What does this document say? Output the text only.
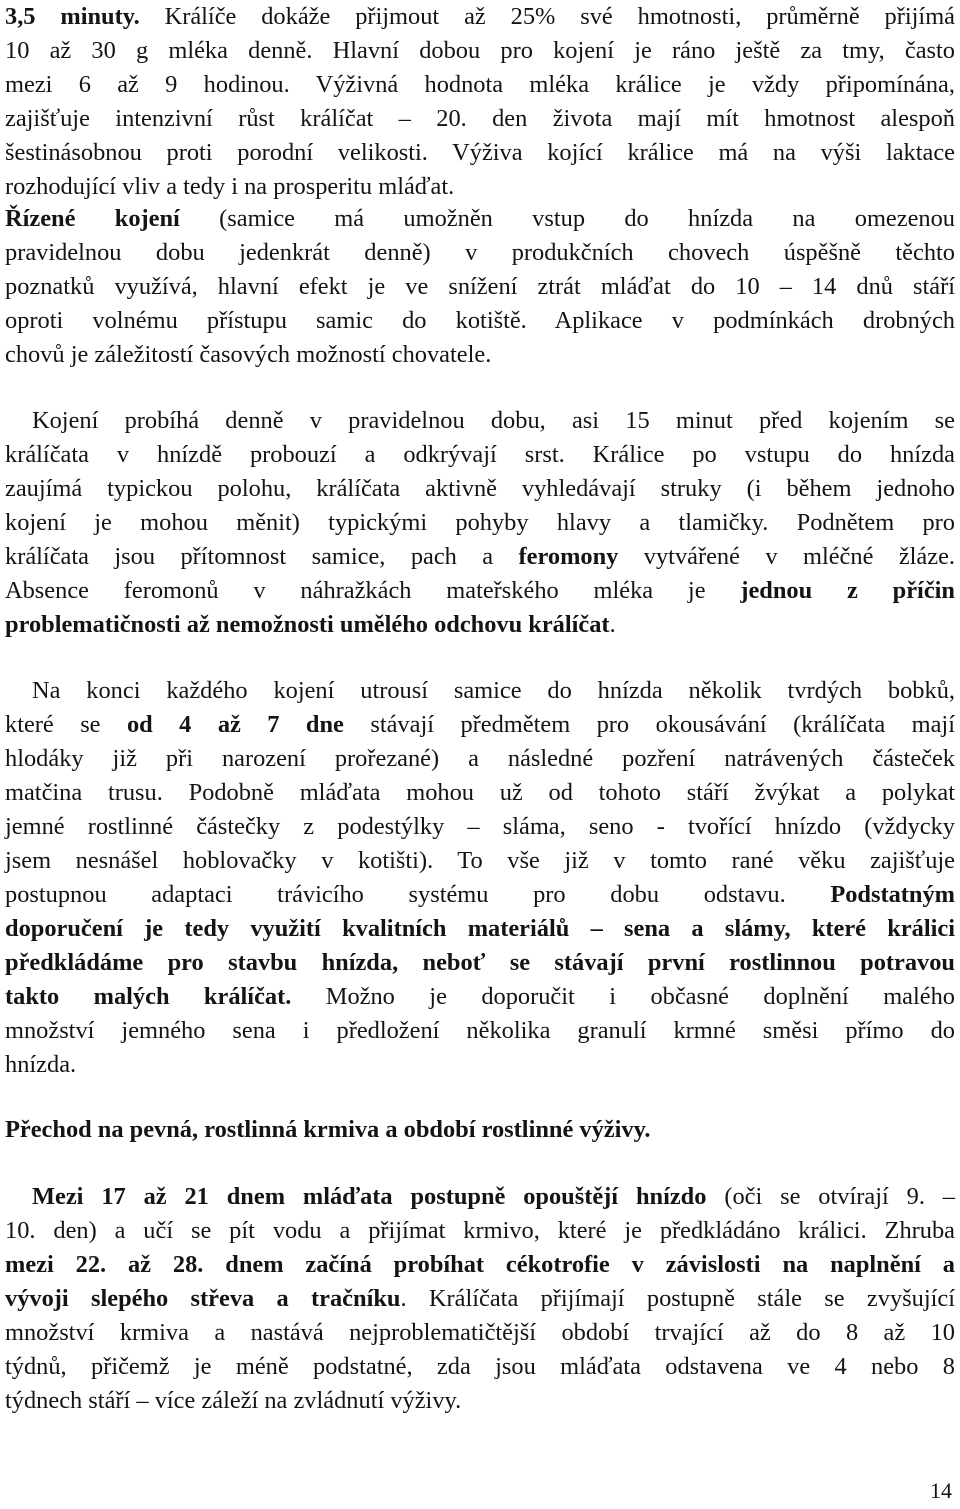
3,5 minuty. Králíče dokáže přijmout až 25% své hmotnosti, průměrně přijímá
10 až 30 g mléka denně. Hlavní dobou pro kojení je ráno ještě za tmy, často
mezi 6 až 9 hodinou. Výživná hodnota mléka králice je vždy připomínána,
zajišťuje intenzivní růst králíčat – 20. den života mají mít hmotnost alespoň
šestinásobnou proti porodní velikosti. Výživa kojící králice má na výši laktace
rozhodující vliv a tedy i na prosperitu mláďat.
Řízené kojení (samice má umožněn vstup do hnízda na omezenou
pravidelnou dobu jedenkrát denně) v produkčních chovech úspěšně těchto
poznatků využívá, hlavní efekt je ve snížení ztrát mláďat do 10 – 14 dnů stáří
oproti volnému přístupu samic do kotiště. Aplikace v podmínkách drobných
chovů je záležitostí časových možností chovatele.
Kojení probíhá denně v pravidelnou dobu, asi 15 minut před kojením se
králíčata v hnízdě probouzí a odkrývají srst. Králice po vstupu do hnízda
zaujímá typickou polohu, králíčata aktivně vyhledávají struky (i během jednoho
kojení je mohou měnit) typickými pohyby hlavy a tlamičky. Podnětem pro
králíčata jsou přítomnost samice, pach a feromony vytvářené v mléčné žláze.
Absence feromonů v náhražkách mateřského mléka je jednou z příčin
problematičnosti až nemožnosti umělého odchovu králíčat.
Na konci každého kojení utrousí samice do hnízda několik tvrdých bobků,
které se od 4 až 7 dne stávají předmětem pro okousávání (králíčata mají
hlodáky již při narození prořezané) a následné pozření natrávených částeček
matčina trusu. Podobně mláďata mohou už od tohoto stáří žvýkat a polykat
jemné rostlinné částečky z podestýlky – sláma, seno - tvořící hnízdo (vždycky
jsem nesnášel hoblovačky v kotišti). To vše již v tomto rané věku zajišťuje
postupnou adaptaci trávicího systému pro dobu odstavu. Podstatným
doporučení je tedy využití kvalitních materiálů – sena a slámy, které králici
předkládáme pro stavbu hnízda, neboť se stávají první rostlinnou potravou
takto malých králíčat. Možno je doporučit i občasné doplnění malého
množství jemného sena i předložení několika granulí krmné směsi přímo do
hnízda.
Přechod na pevná, rostlinná krmiva a období rostlinné výživy.
Mezi 17 až 21 dnem mláďata postupně opouštějí hnízdo (oči se otvírají 9. –
10. den) a učí se pít vodu a přijímat krmivo, které je předkládáno králici. Zhruba
mezi 22. až 28. dnem začíná probíhat cékotrofie v závislosti na naplnění a
vývoji slepého střeva a tračníku. Králíčata přijímají postupně stále se zvyšující
množství krmiva a nastává nejproblematičtější období trvající až do 8 až 10
týdnů, přičemž je méně podstatné, zda jsou mláďata odstavena ve 4 nebo 8
týdnech stáří – více záleží na zvládnutí výživy.
14
